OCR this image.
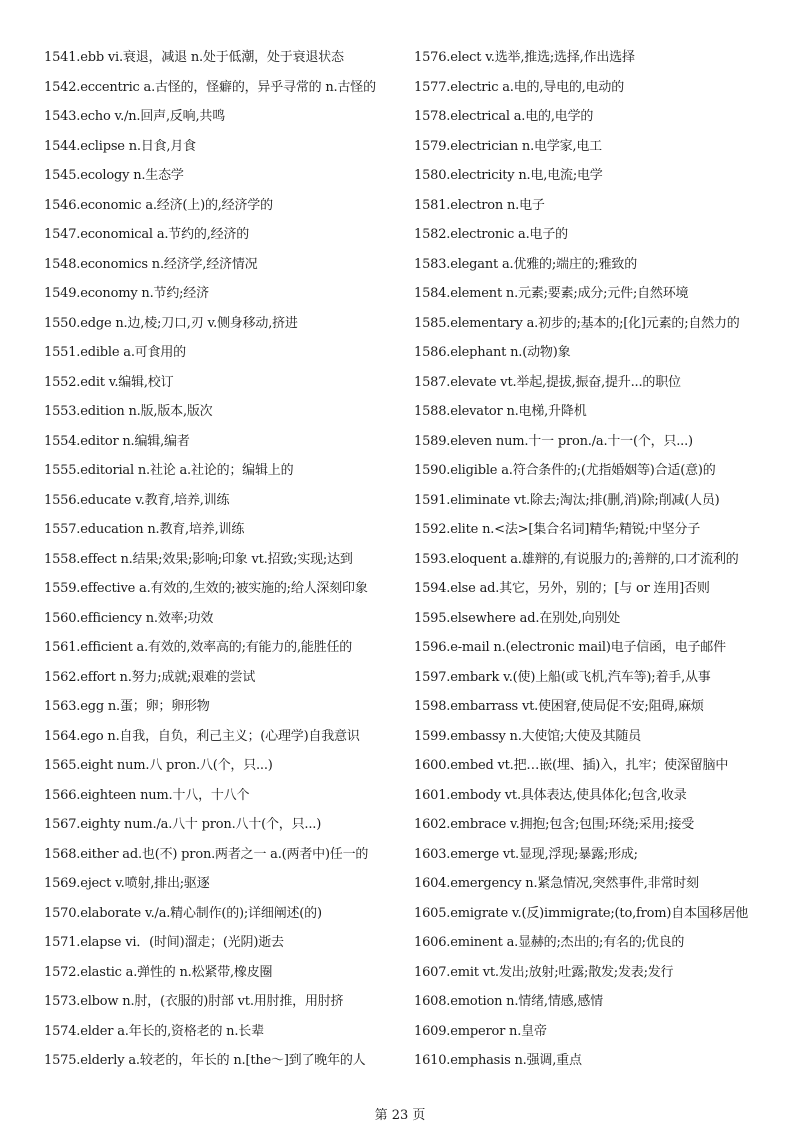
1541.ebb vi.衰退，减退 n.处于低潮，处于衰退状态
1542.eccentric a.古怪的，怪癖的，异乎寻常的 n.古怪的
1543.echo v./n.回声,反响,共鸣
1544.eclipse n.日食,月食
1545.ecology n.生态学
1546.economic a.经济(上)的,经济学的
1547.economical a.节约的,经济的
1548.economics n.经济学,经济情况
1549.economy n.节约;经济
1550.edge n.边,棱;刀口,刃 v.侧身移动,挤进
1551.edible a.可食用的
1552.edit v.编辑,校订
1553.edition n.版,版本,版次
1554.editor n.编辑,编者
1555.editorial n.社论 a.社论的；编辑上的
1556.educate v.教育,培养,训练
1557.education n.教育,培养,训练
1558.effect n.结果;效果;影响;印象 vt.招致;实现;达到
1559.effective a.有效的,生效的;被实施的;给人深刻印象
1560.efficiency n.效率;功效
1561.efficient a.有效的,效率高的;有能力的,能胜任的
1562.effort n.努力;成就;艰难的尝试
1563.egg n.蛋；卵；卵形物
1564.ego n.自我，自负，利己主义；(心理学)自我意识
1565.eight num.八 pron.八(个，只...)
1566.eighteen num.十八，十八个
1567.eighty num./a.八十 pron.八十(个，只...)
1568.either ad.也(不) pron.两者之一 a.(两者中)任一的
1569.eject v.喷射,排出;驱逐
1570.elaborate v./a.精心制作(的);详细阐述(的)
1571.elapse vi．(时间)溜走；(光阴)逝去
1572.elastic a.弹性的 n.松紧带,橡皮圈
1573.elbow n.肘，(衣服的)肘部 vt.用肘推，用肘挤
1574.elder a.年长的,资格老的 n.长辈
1575.elderly a.较老的，年长的 n.[the～]到了晚年的人
1576.elect v.选举,推选;选择,作出选择
1577.electric a.电的,导电的,电动的
1578.electrical a.电的,电学的
1579.electrician n.电学家,电工
1580.electricity n.电,电流;电学
1581.electron n.电子
1582.electronic a.电子的
1583.elegant a.优雅的;端庄的;雅致的
1584.element n.元素;要素;成分;元件;自然环境
1585.elementary a.初步的;基本的;[化]元素的;自然力的
1586.elephant n.(动物)象
1587.elevate vt.举起,提拔,振奋,提升...的职位
1588.elevator n.电梯,升降机
1589.eleven num.十一 pron./a.十一(个，只...)
1590.eligible a.符合条件的;(尤指婚姻等)合适(意)的
1591.eliminate vt.除去;淘汰;排(删,消)除;削减(人员)
1592.elite n.<法>[集合名词]精华;精锐;中坚分子
1593.eloquent a.雄辩的,有说服力的;善辩的,口才流利的
1594.else ad.其它，另外，别的；[与 or 连用]否则
1595.elsewhere ad.在别处,向别处
1596.e-mail n.(electronic mail)电子信函，电子邮件
1597.embark v.(使)上船(或飞机,汽车等);着手,从事
1598.embarrass vt.使困窘,使局促不安;阻碍,麻烦
1599.embassy n.大使馆;大使及其随员
1600.embed vt.把…嵌(埋、插)入，扎牢；使深留脑中
1601.embody vt.具体表达,使具体化;包含,收录
1602.embrace v.拥抱;包含;包围;环绕;采用;接受
1603.emerge vt.显现,浮现;暴露;形成;
1604.emergency n.紧急情况,突然事件,非常时刻
1605.emigrate v.(反)immigrate;(to,from)自本国移居他
1606.eminent a.显赫的;杰出的;有名的;优良的
1607.emit vt.发出;放射;吐露;散发;发表;发行
1608.emotion n.情绪,情感,感情
1609.emperor n.皇帝
1610.emphasis n.强调,重点
第 23 页
